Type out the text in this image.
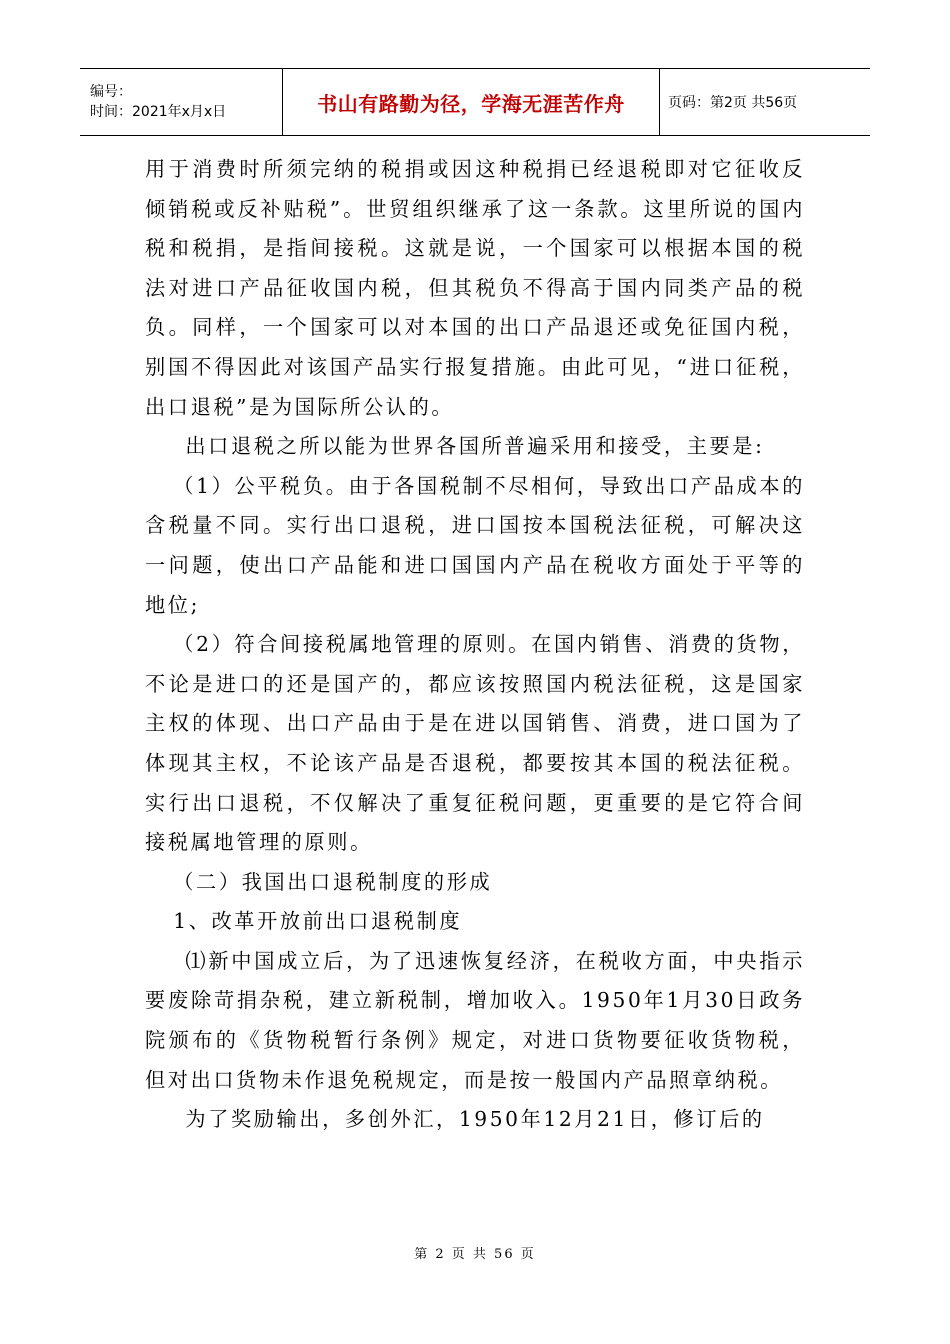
编号：
时间：2021年x月x日	书山有路勤为径，学海无涯苦作舟	页码：第2页 共56页

用于消费时所须完纳的税捐或因这种税捐已经退税即对它征收反倾销税或反补贴税”。世贸组织继承了这一条款。这里所说的国内税和税捐，是指间接税。这就是说，一个国家可以根据本国的税法对进口产品征收国内税，但其税负不得高于国内同类产品的税负。同样，一个国家可以对本国的出口产品退还或免征国内税，别国不得因此对该国产品实行报复措施。由此可见，“进口征税，出口退税”是为国际所公认的。

出口退税之所以能为世界各国所普遍采用和接受，主要是:

（1）公平税负。由于各国税制不尽相何，导致出口产品成本的含税量不同。实行出口退税，进口国按本国税法征税，可解决这一问题，使出口产品能和进口国国内产品在税收方面处于平等的地位;

（2）符合间接税属地管理的原则。在国内销售、消费的货物，不论是进口的还是国产的，都应该按照国内税法征税，这是国家主权的体现、出口产品由于是在进以国销售、消费，进口国为了体现其主权，不论该产品是否退税，都要按其本国的税法征税。实行出口退税，不仅解决了重复征税问题，更重要的是它符合间接税属地管理的原则。

（二）我国出口退税制度的形成

1、改革开放前出口退税制度

⑴新中国成立后，为了迅速恢复经济，在税收方面，中央指示要废除苛捐杂税，建立新税制，增加收入。1950年1月30日政务院颁布的《货物税暂行条例》规定，对进口货物要征收货物税，但对出口货物未作退免税规定，而是按一般国内产品照章纳税。

为了奖励输出，多创外汇，1950年12月21日，修订后的

第 2 页 共 56 页
